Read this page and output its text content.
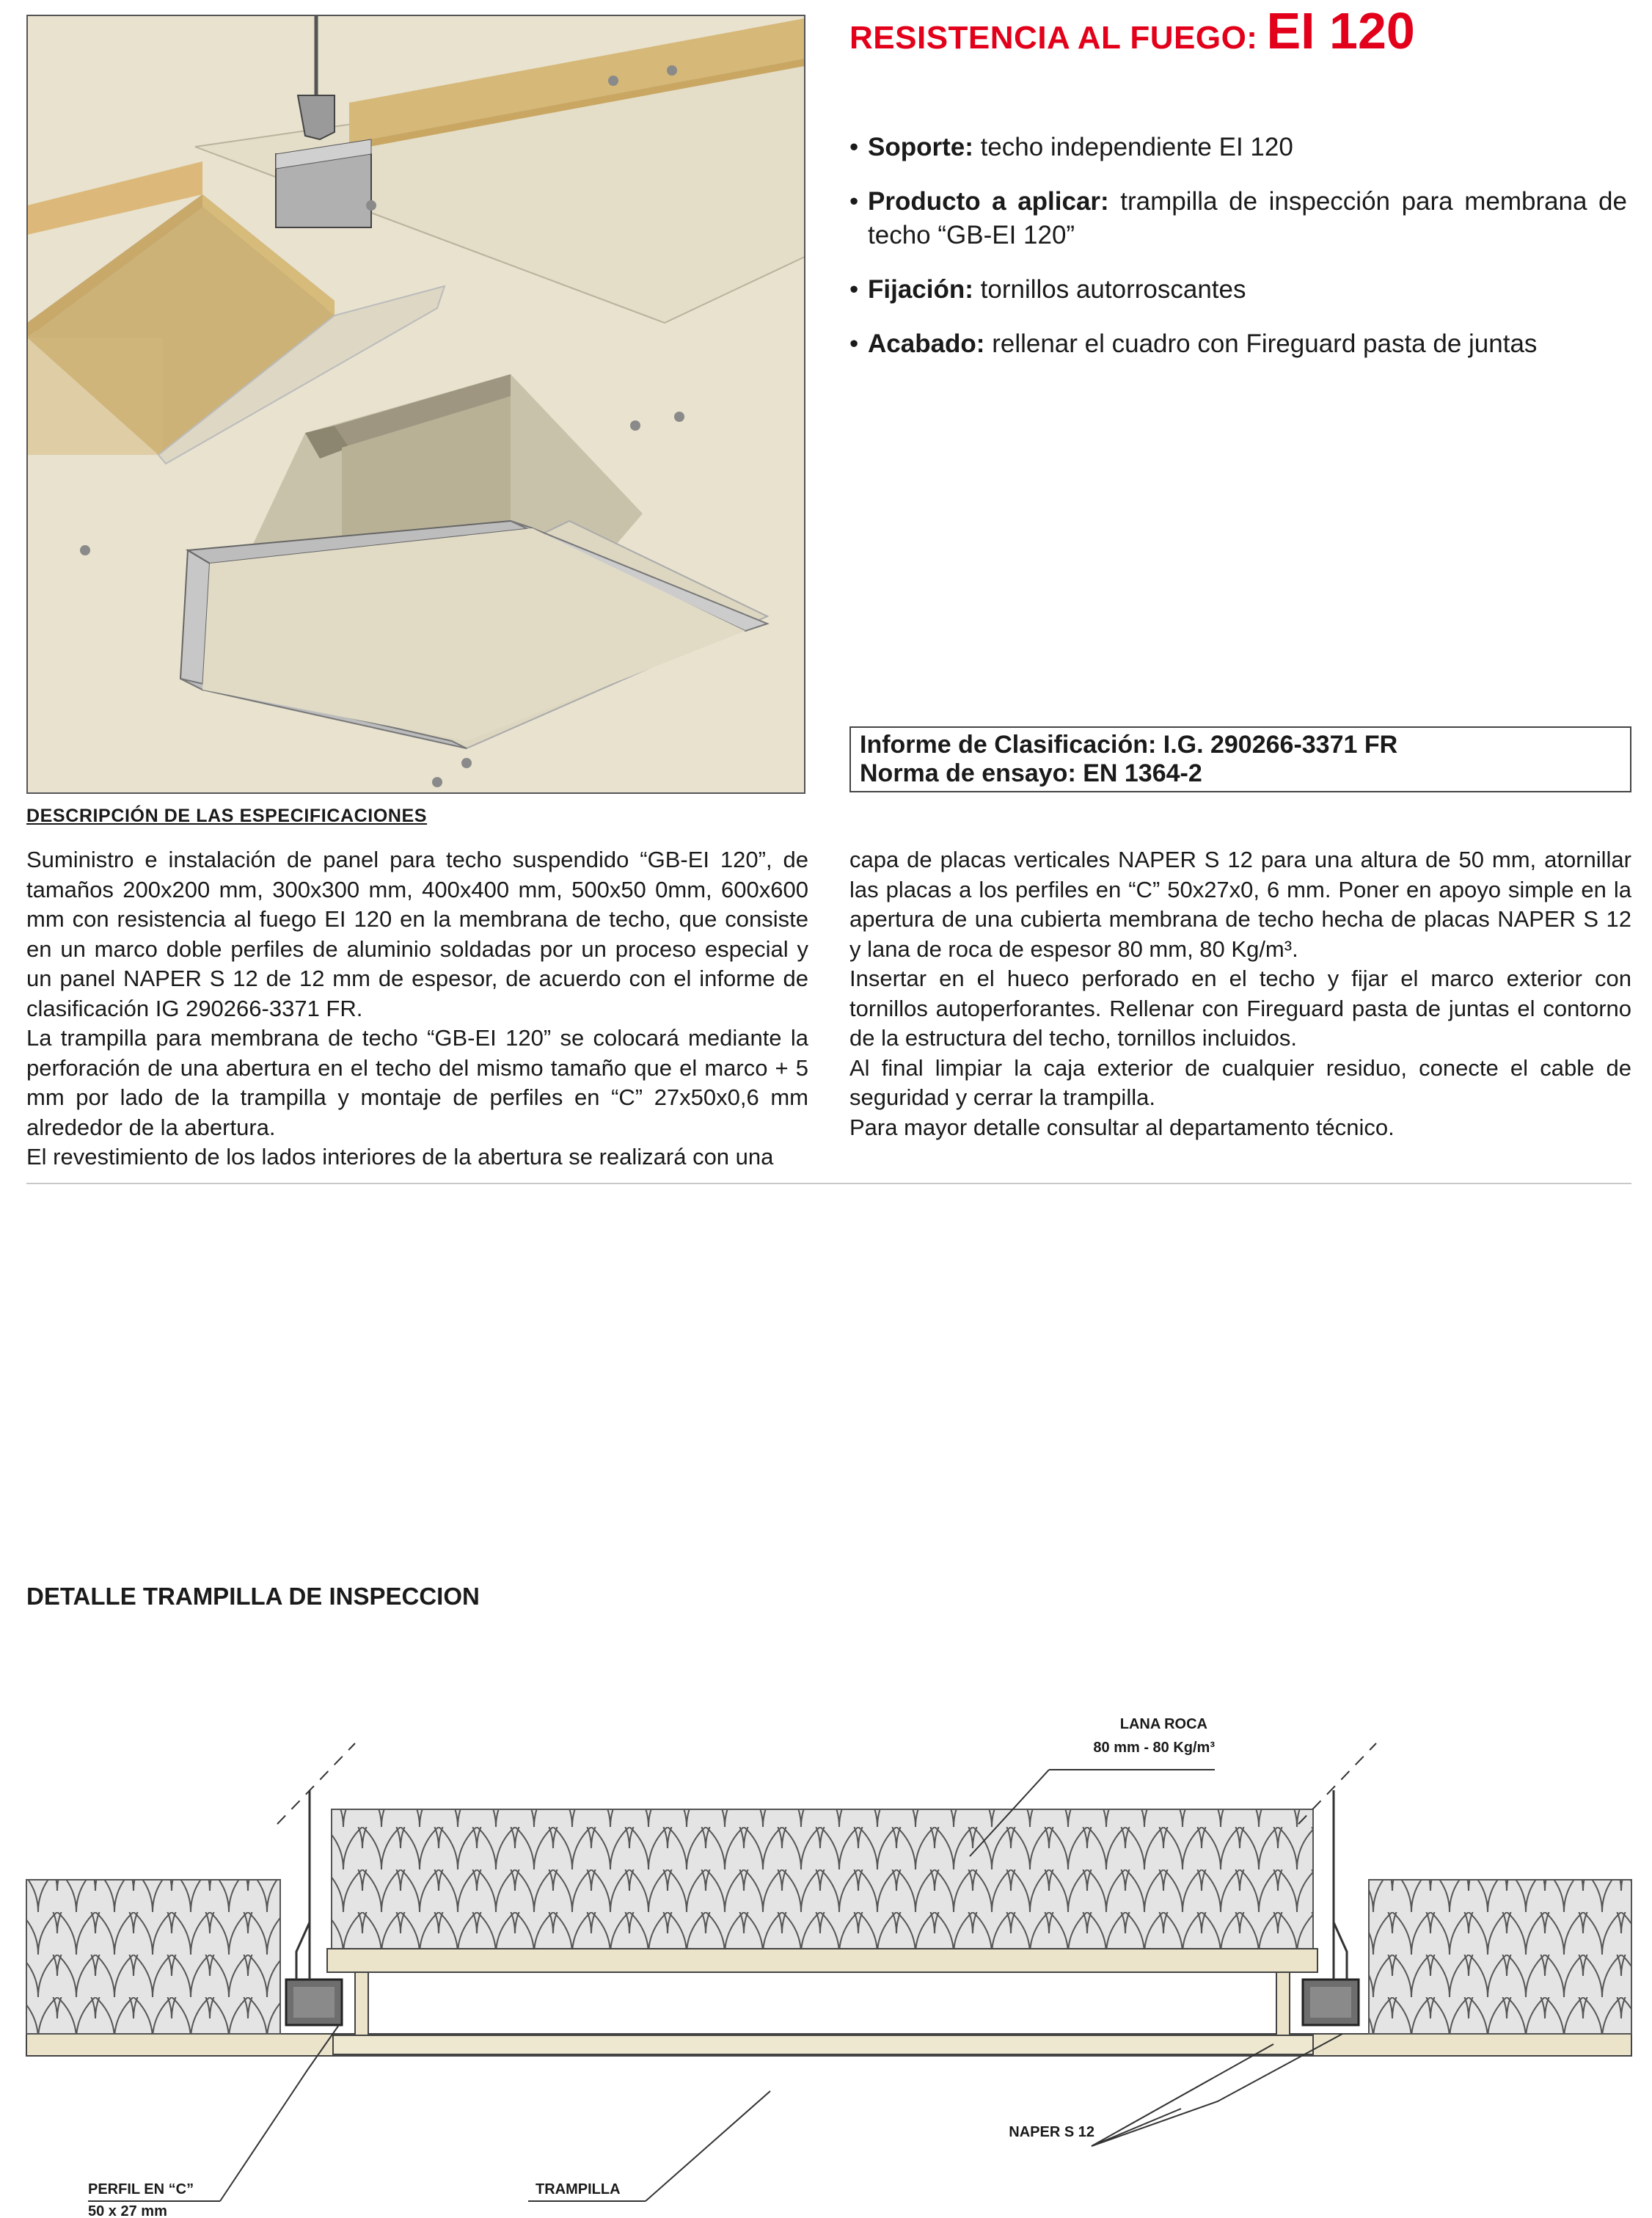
RESISTENCIA AL FUEGO: EI 120
• Soporte: techo independiente EI 120
• Producto a aplicar: trampilla de inspección para membrana de techo “GB-EI 120”
• Fijación: tornillos autorroscantes
• Acabado: rellenar el cuadro con Fireguard pasta de juntas
Informe de Clasificación: I.G. 290266-3371 FR
Norma de ensayo: EN 1364-2
DESCRIPCIÓN DE LAS ESPECIFICACIONES

Suministro e instalación de panel para techo suspendido “GB-EI 120”, de tamaños 200x200 mm, 300x300 mm, 400x400 mm, 500x50 0mm, 600x600 mm con resistencia al fuego EI 120 en la membrana de techo, que consiste en un marco doble perfiles de aluminio soldadas por un proceso especial y un panel NAPER S 12 de 12 mm de espesor, de acuerdo con el informe de clasificación IG 290266-3371 FR.

La trampilla para membrana de techo “GB-EI 120” se colocará mediante la perforación de una abertura en el techo del mismo tamaño que el marco + 5 mm por lado de la trampilla y montaje de perfiles en “C” 27x50x0,6 mm alrededor de la abertura.

El revestimiento de los lados interiores de la abertura se realizará con una

capa de placas verticales NAPER S 12 para una altura de 50 mm, atornillar las placas a los perfiles en “C” 50x27x0, 6 mm. Poner en apoyo simple en la apertura de una cubierta membrana de techo hecha de placas NAPER S 12 y lana de roca de espesor 80 mm, 80 Kg/m³.

Insertar en el hueco perforado en el techo y fijar el marco exterior con tornillos autoperforantes. Rellenar con Fireguard pasta de juntas el contorno de la estructura del techo, tornillos incluidos.

Al final limpiar la caja exterior de cualquier residuo, conecte el cable de seguridad y cerrar la trampilla.

Para mayor detalle consultar al departamento técnico.

DETALLE TRAMPILLA DE INSPECCION
LANA ROCA
80 mm - 80 Kg/m³
NAPER S 12
PERFIL EN “C”
50 x 27 mm
TRAMPILLA
